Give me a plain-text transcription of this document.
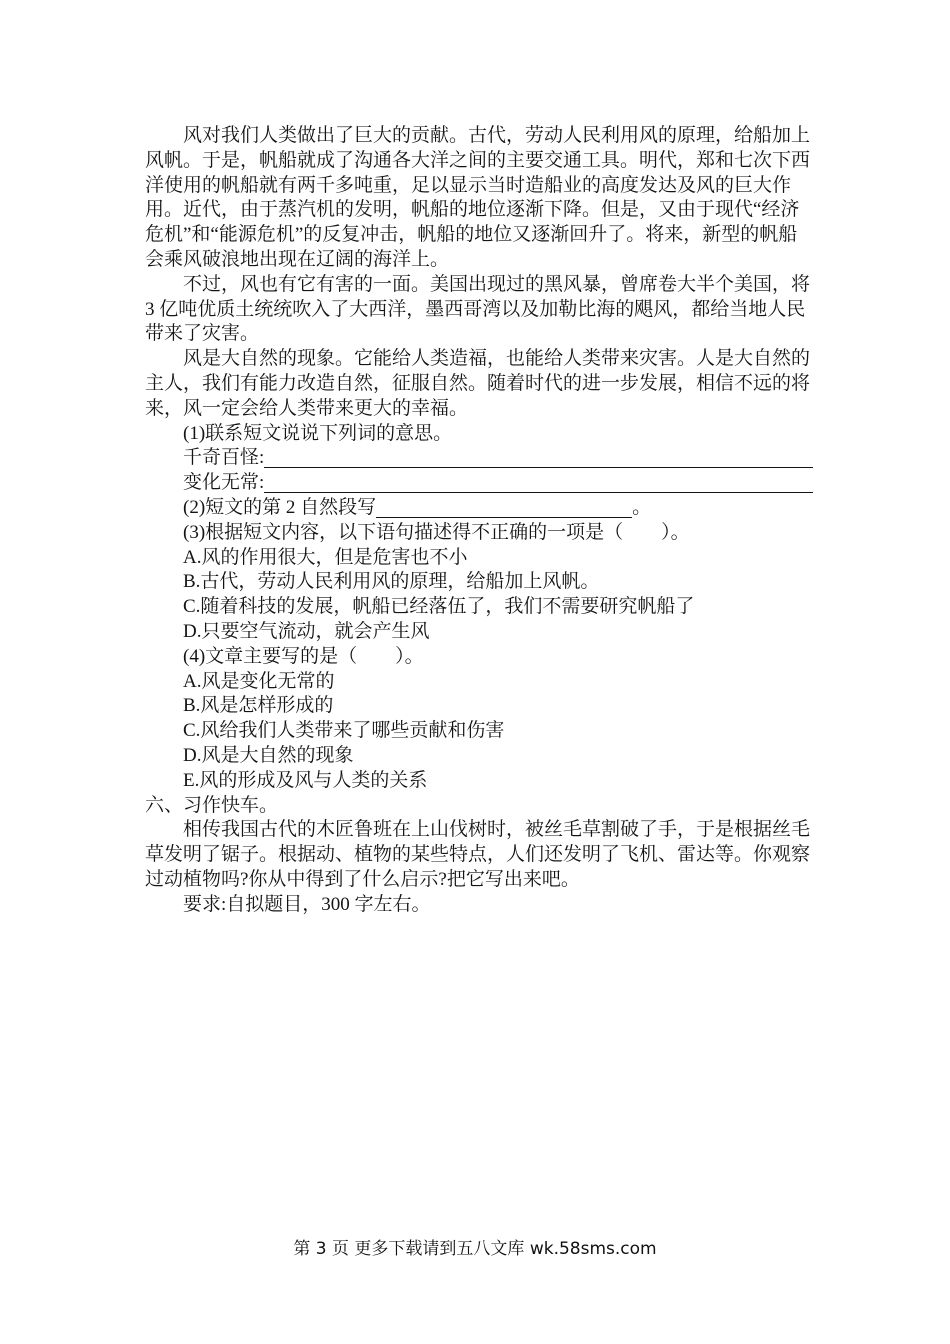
风对我们人类做出了巨大的贡献。古代，劳动人民利用风的原理，给船加上风帆。于是，帆船就成了沟通各大洋之间的主要交通工具。明代，郑和七次下西洋使用的帆船就有两千多吨重，足以显示当时造船业的高度发达及风的巨大作用。近代，由于蒸汽机的发明，帆船的地位逐渐下降。但是，又由于现代“经济危机”和“能源危机”的反复冲击，帆船的地位又逐渐回升了。将来，新型的帆船会乘风破浪地出现在辽阔的海洋上。

不过，风也有它有害的一面。美国出现过的黑风暴，曾席卷大半个美国，将 3 亿吨优质土统统吹入了大西洋，墨西哥湾以及加勒比海的飓风，都给当地人民带来了灾害。

风是大自然的现象。它能给人类造福，也能给人类带来灾害。人是大自然的主人，我们有能力改造自然，征服自然。随着时代的进一步发展，相信不远的将来，风一定会给人类带来更大的幸福。

(1)联系短文说说下列词的意思。

千奇百怪:
变化无常:
(2)短文的第 2 自然段写	。

(3)根据短文内容，以下语句描述得不正确的一项是（　　）。

A.风的作用很大，但是危害也不小

B.古代，劳动人民利用风的原理，给船加上风帆。

C.随着科技的发展，帆船已经落伍了，我们不需要研究帆船了

D.只要空气流动，就会产生风

(4)文章主要写的是（　　）。

A.风是变化无常的

B.风是怎样形成的

C.风给我们人类带来了哪些贡献和伤害

D.风是大自然的现象

E.风的形成及风与人类的关系

六、习作快车。

相传我国古代的木匠鲁班在上山伐树时，被丝毛草割破了手，于是根据丝毛草发明了锯子。根据动、植物的某些特点，人们还发明了飞机、雷达等。你观察过动植物吗?你从中得到了什么启示?把它写出来吧。

要求:自拟题目，300 字左右。

第 3 页 更多下载请到五八文库 wk.58sms.com
